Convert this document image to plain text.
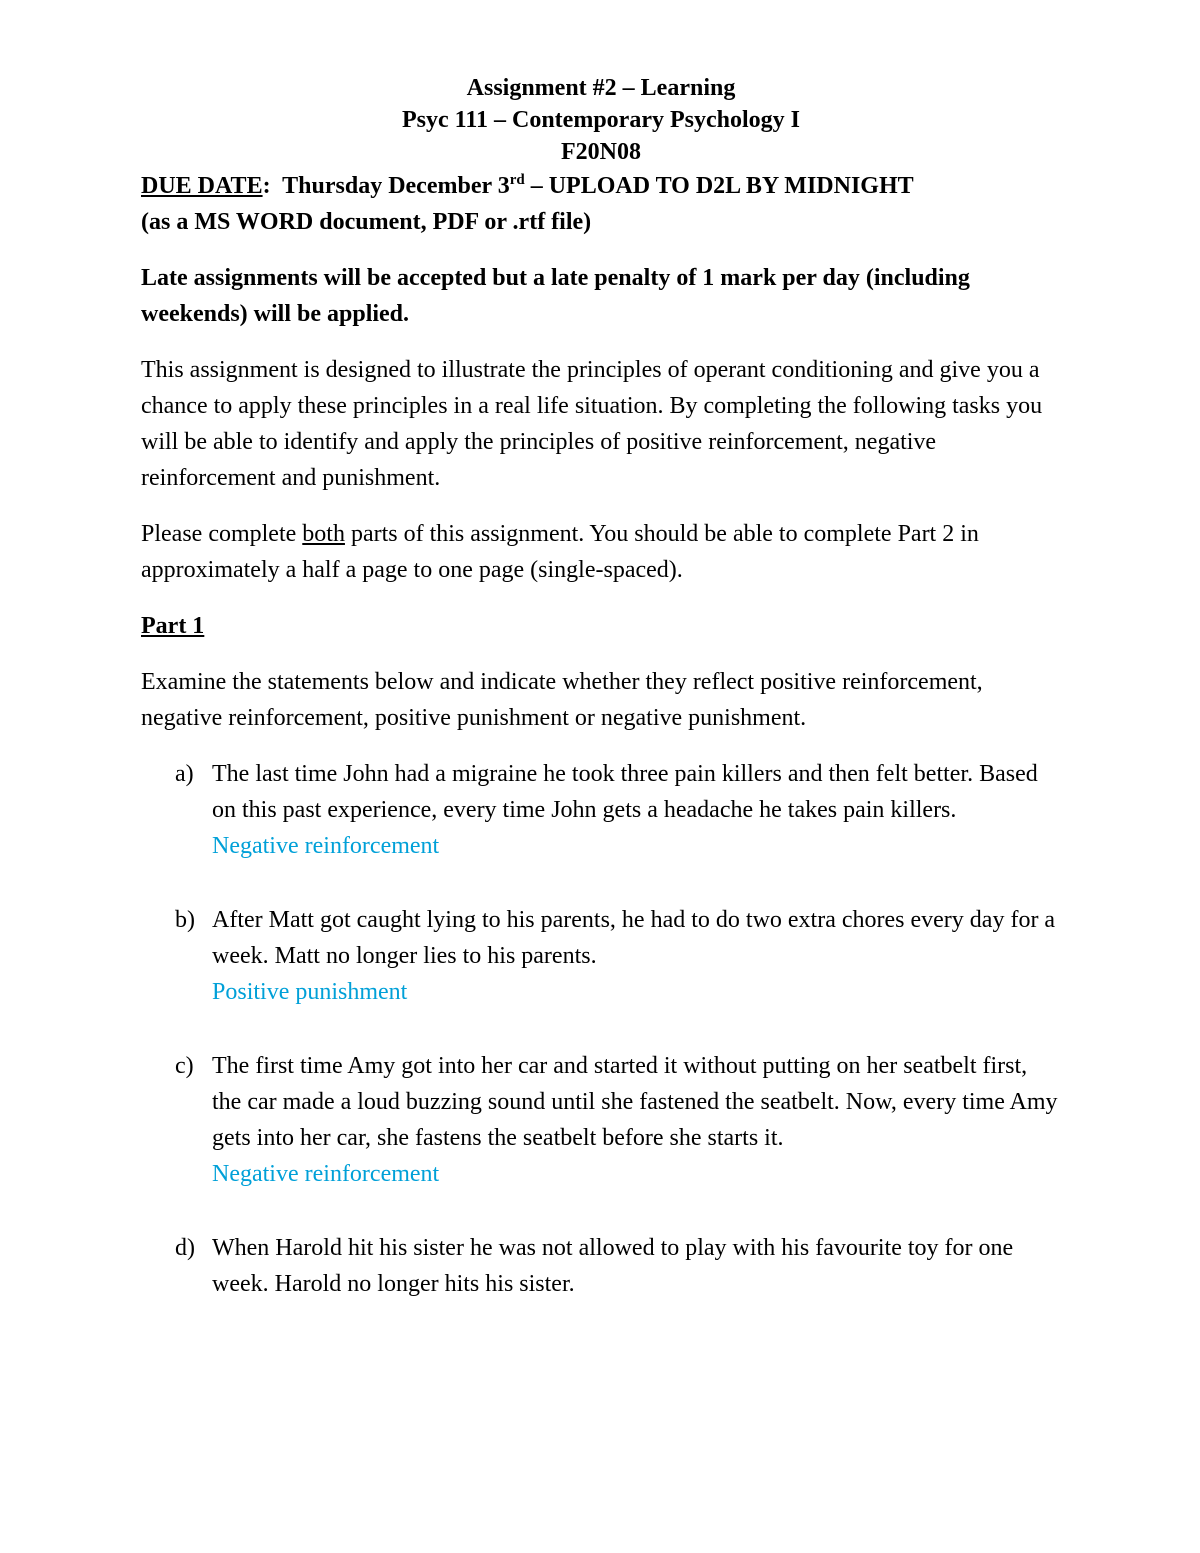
Assignment #2 – Learning
Psyc 111 – Contemporary Psychology I
F20N08

DUE DATE: Thursday December 3rd – UPLOAD TO D2L BY MIDNIGHT

(as a MS WORD document, PDF or .rtf file)

Late assignments will be accepted but a late penalty of 1 mark per day (including weekends) will be applied.

This assignment is designed to illustrate the principles of operant conditioning and give you a chance to apply these principles in a real life situation. By completing the following tasks you will be able to identify and apply the principles of positive reinforcement, negative reinforcement and punishment.

Please complete both parts of this assignment. You should be able to complete Part 2 in approximately a half a page to one page (single-spaced).

Part 1

Examine the statements below and indicate whether they reflect positive reinforcement, negative reinforcement, positive punishment or negative punishment.

a) The last time John had a migraine he took three pain killers and then felt better. Based on this past experience, every time John gets a headache he takes pain killers.
Negative reinforcement
b) After Matt got caught lying to his parents, he had to do two extra chores every day for a week. Matt no longer lies to his parents.
Positive punishment
c) The first time Amy got into her car and started it without putting on her seatbelt first, the car made a loud buzzing sound until she fastened the seatbelt. Now, every time Amy gets into her car, she fastens the seatbelt before she starts it.
Negative reinforcement
d) When Harold hit his sister he was not allowed to play with his favourite toy for one week. Harold no longer hits his sister.
